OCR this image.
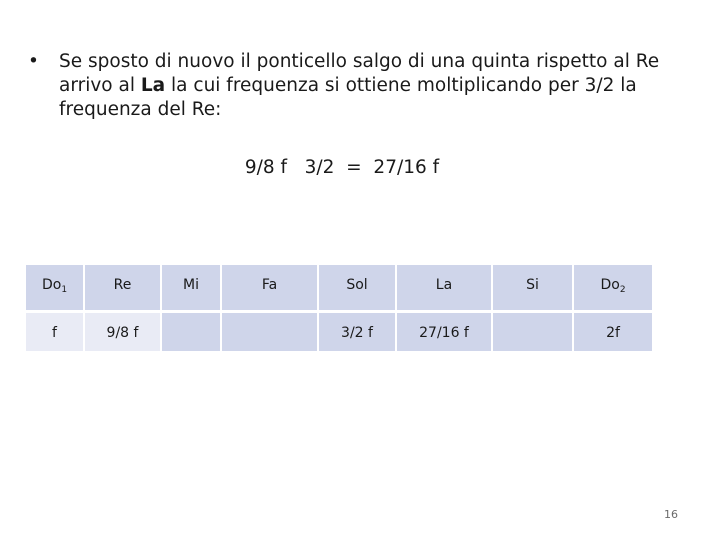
• Se sposto di nuovo il ponticello salgo di una quinta rispetto al Re arrivo al La la cui frequenza si ottiene moltiplicando per 3/2 la frequenza del Re:
9/8 f   3/2  =  27/16 f
$Do_1$	Re	Mi	Fa	Sol	La	Si	$Do_2$
f	9/8 f			3/2 f	27/16 f		2f
16
